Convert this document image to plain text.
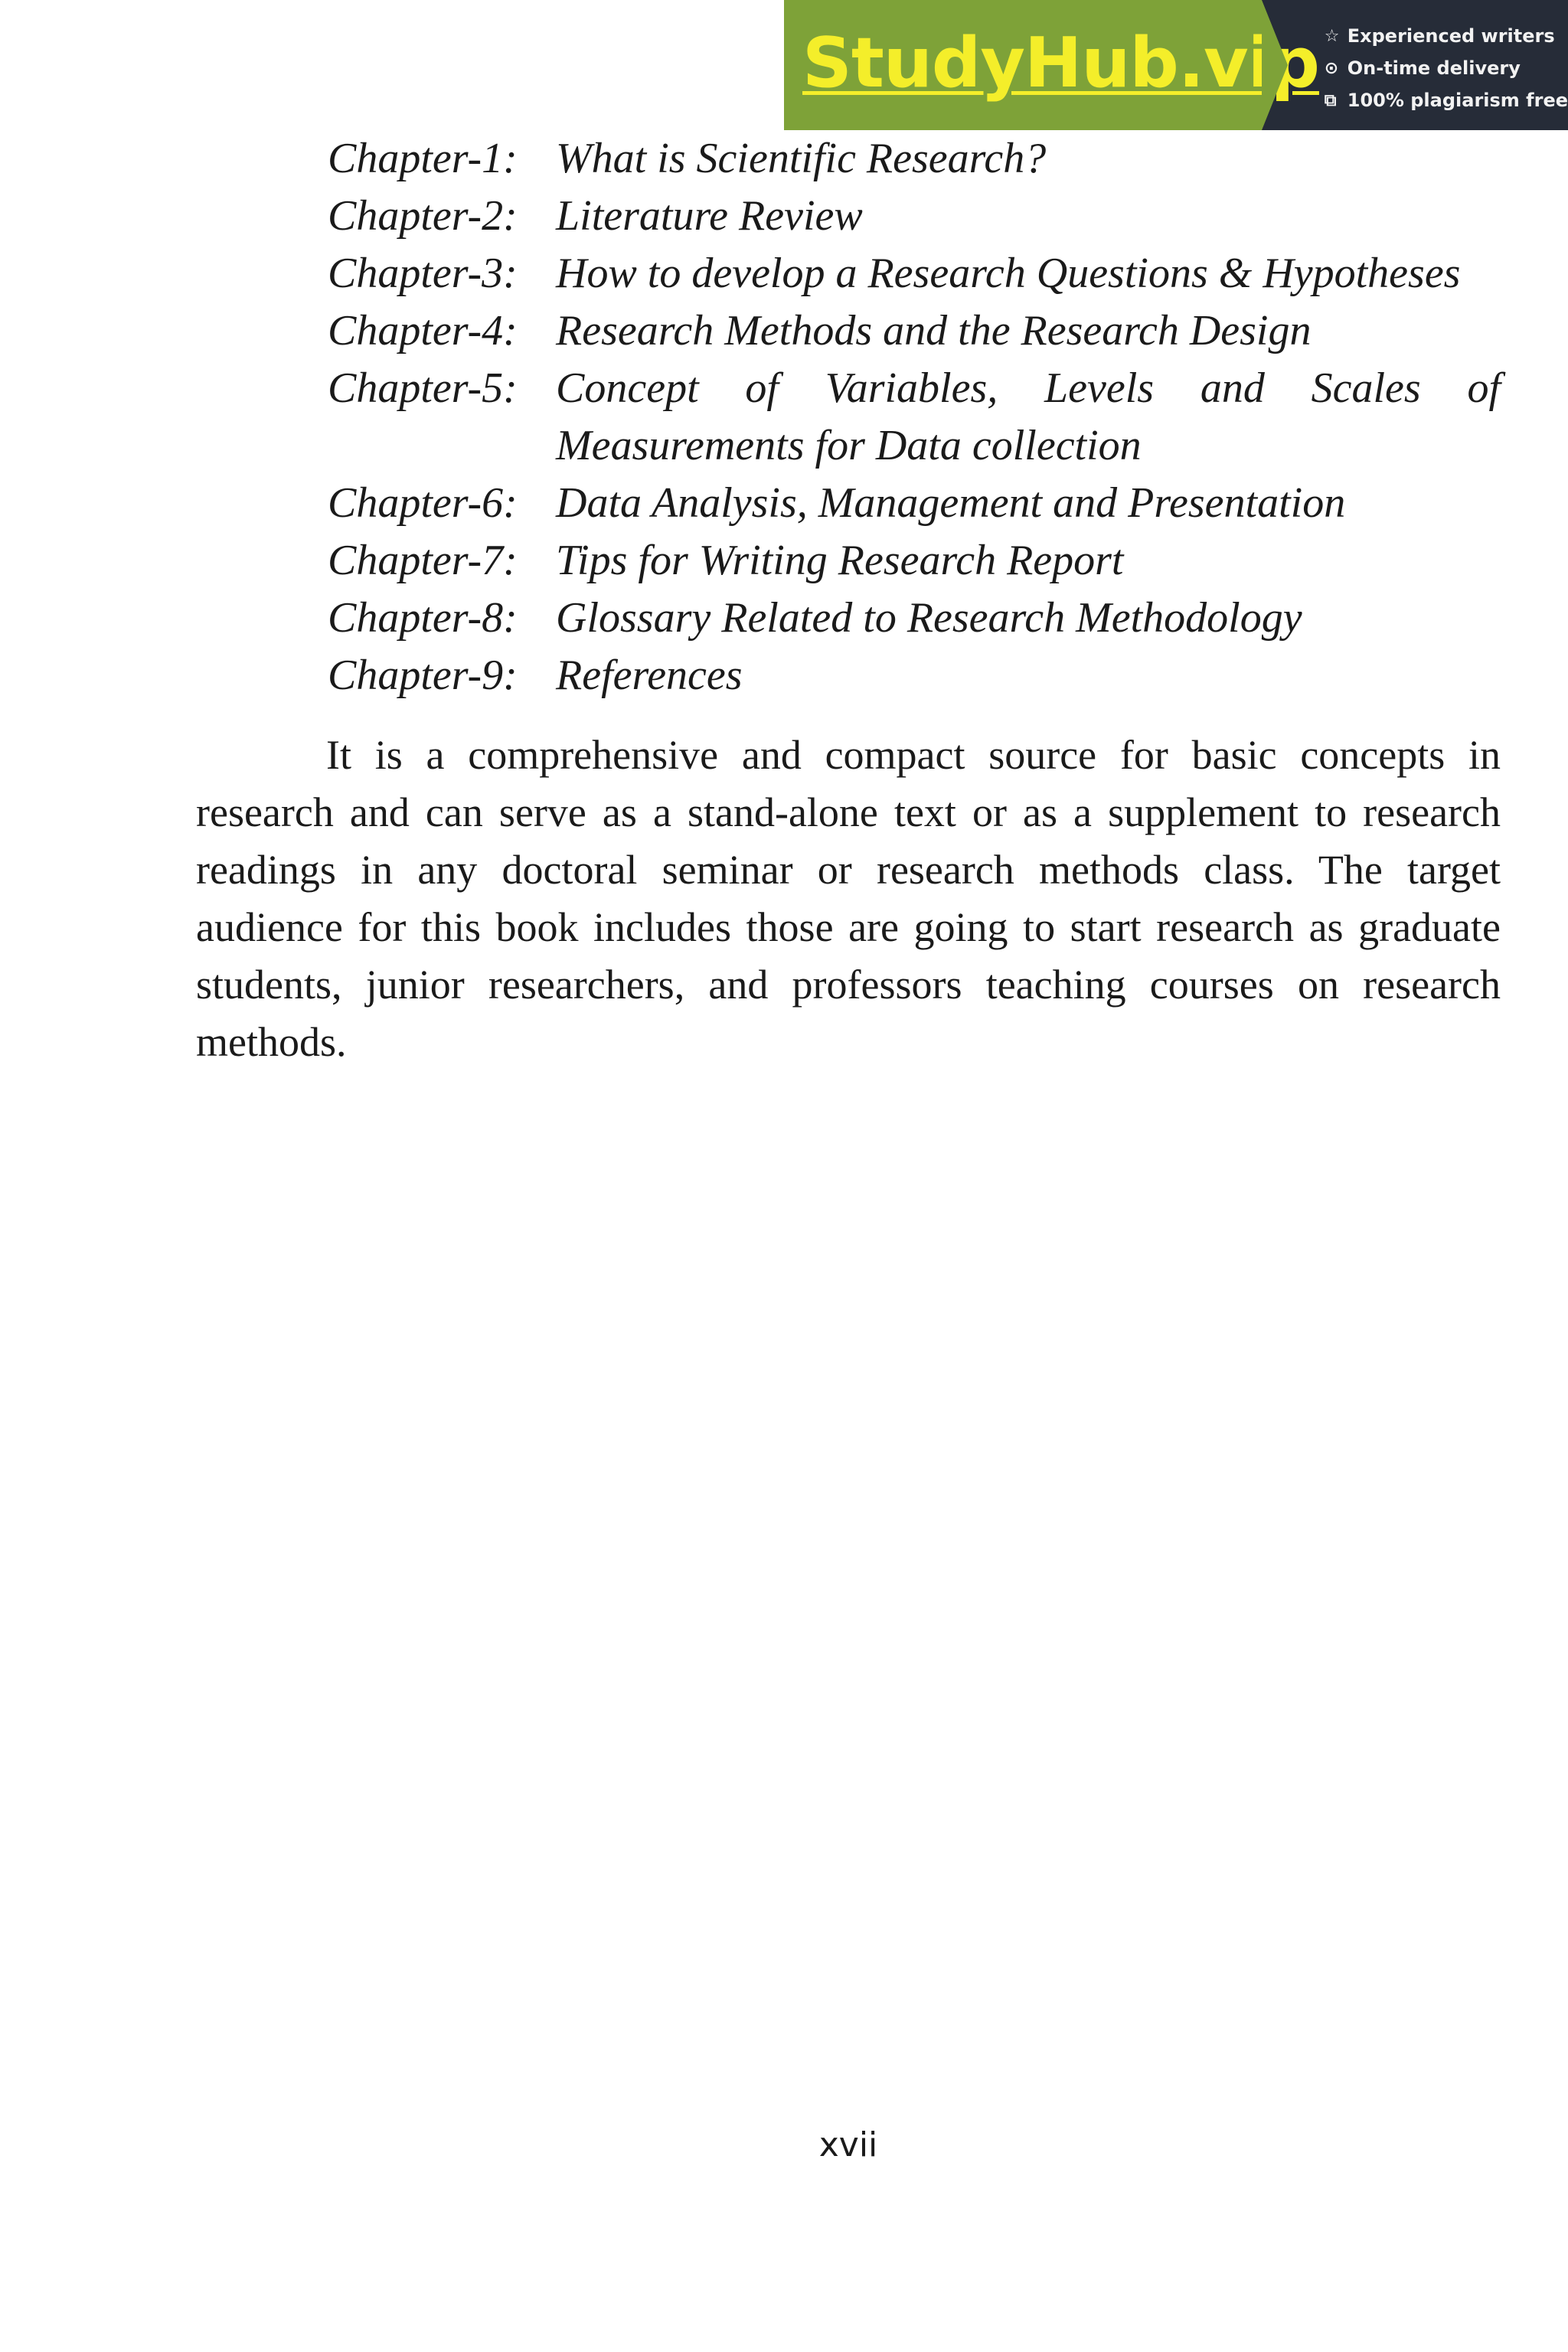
StudyHub.vip ☆ Experienced writers
⊙ On-time delivery
⧉ 100% plagiarism free
Chapter-1: What is Scientific Research?
Chapter-2: Literature Review
Chapter-3: How to develop a Research Questions & Hypotheses
Chapter-4: Research Methods and the Research Design
Chapter-5: Concept of Variables, Levels and Scales of
Measurements for Data collection
Chapter-6: Data Analysis, Management and Presentation
Chapter-7: Tips for Writing Research Report
Chapter-8: Glossary Related to Research Methodology
Chapter-9: References

It is a comprehensive and compact source for basic concepts in research and can serve as a stand-alone text or as a supplement to research readings in any doctoral seminar or research methods class. The target audience for this book includes those are going to start research as graduate students, junior researchers, and professors teaching courses on research methods.

xvii
